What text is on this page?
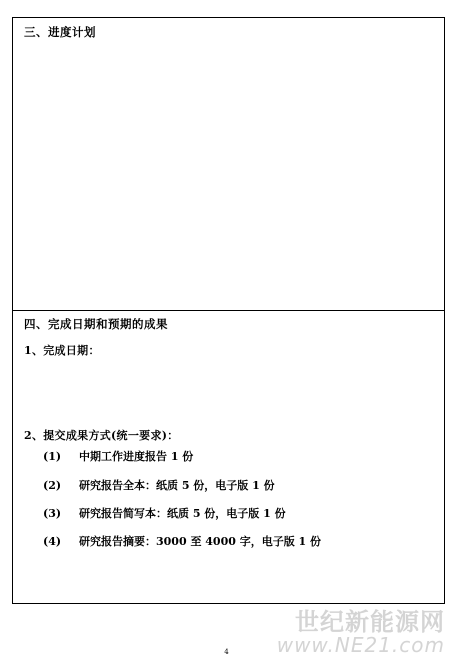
三、进度计划
四、完成日期和预期的成果
1、完成日期：
2、提交成果方式(统一要求)：
(1) 中期工作进度报告 1 份
(2) 研究报告全本：纸质 5 份，电子版 1 份
(3) 研究报告简写本：纸质 5 份，电子版 1 份
(4) 研究报告摘要：3000 至 4000 字，电子版 1 份
4
世纪新能源网
www.NE21.com
